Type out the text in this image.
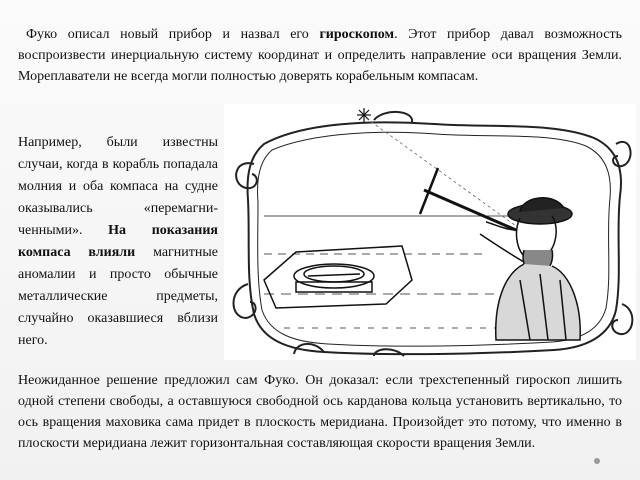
Фуко описал новый прибор и назвал его гироскопом. Этот прибор давал возможность воспроизвести инерциальную систему координат и определить направление оси вращения Земли. Мореплаватели не всегда могли полностью доверять корабельным компасам.

Например, были известны случаи, когда в корабль попадала молния и оба компаса на судне оказывались «перемагни-ченными». На показания компаса влияли магнитные аномалии и просто обычные металлические предметы, случайно оказавшиеся вблизи него.

Неожиданное решение предложил сам Фуко. Он доказал: если трехстепенный гироскоп лишить одной степени свободы, а оставшуюся свободной ось карданова кольца установить вертикально, то ось вращения маховика сама придет в плоскость меридиана. Произойдет это потому, что именно в плоскости меридиана лежит горизонтальная составляющая скорости вращения Земли.
